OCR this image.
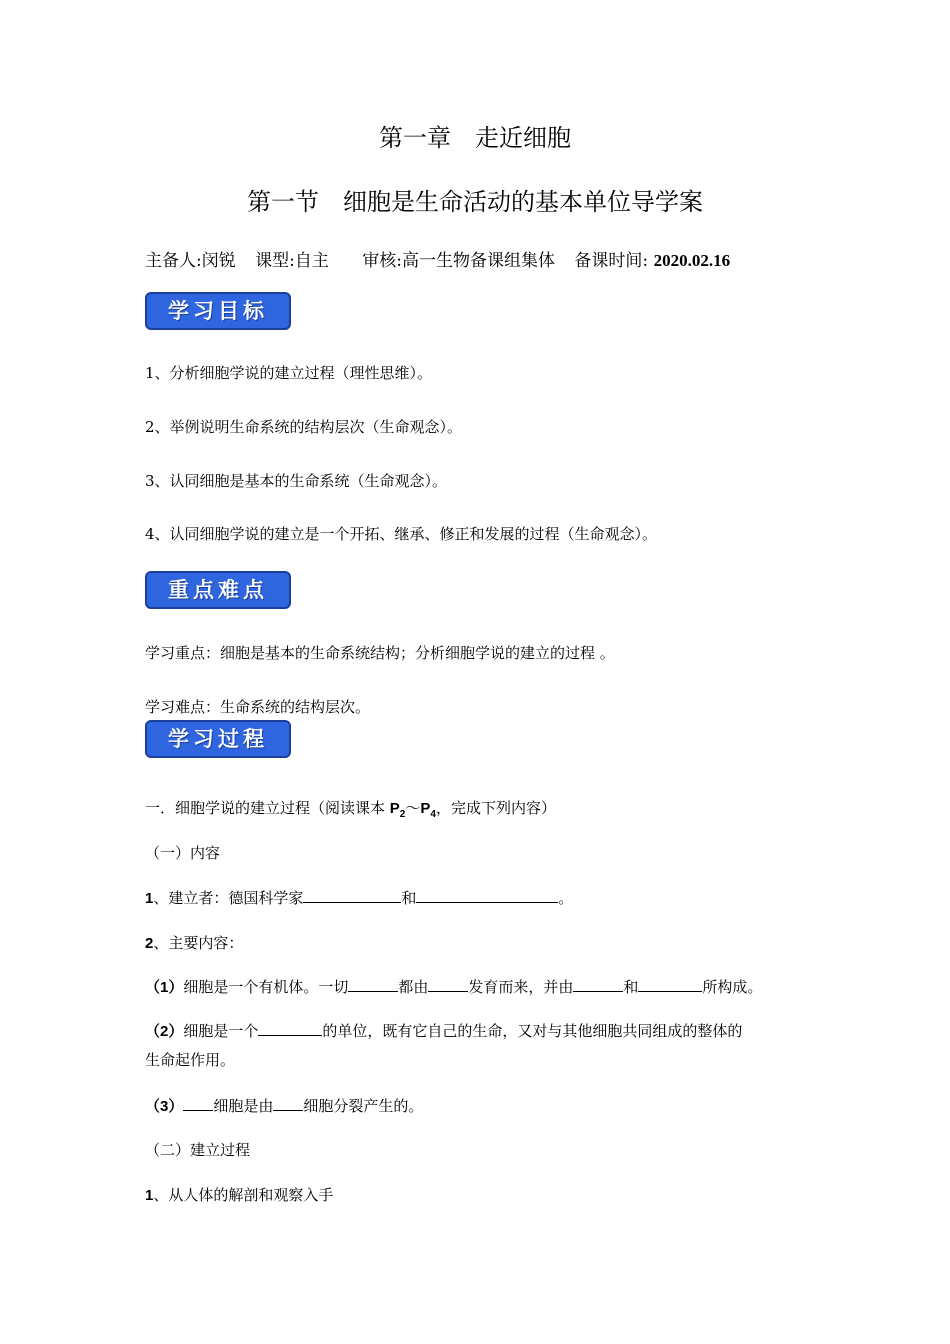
第一章　走近细胞
第一节　细胞是生命活动的基本单位导学案
主备人:闵锐 课型:自主 审核:高一生物备课组集体 备课时间: 2020.02.16
学习目标
1、分析细胞学说的建立过程（理性思维）。
2、举例说明生命系统的结构层次（生命观念）。
3、认同细胞是基本的生命系统（生命观念）。
4、认同细胞学说的建立是一个开拓、继承、修正和发展的过程（生命观念）。
重点难点
学习重点：细胞是基本的生命系统结构；分析细胞学说的建立的过程 。
学习难点：生命系统的结构层次。
学习过程
一．细胞学说的建立过程（阅读课本 $P_2\sim P_4$，完成下列内容）
（一）内容
1、建立者：德国科学家	和	。
2、主要内容：
（1）细胞是一个有机体。一切	都由	发育而来，并由	和	所构成。
（2）细胞是一个	的单位，既有它自己的生命，又对与其他细胞共同组成的整体的
生命起作用。
（3） 细胞是由 细胞分裂产生的。
（二）建立过程
1、从人体的解剖和观察入手
